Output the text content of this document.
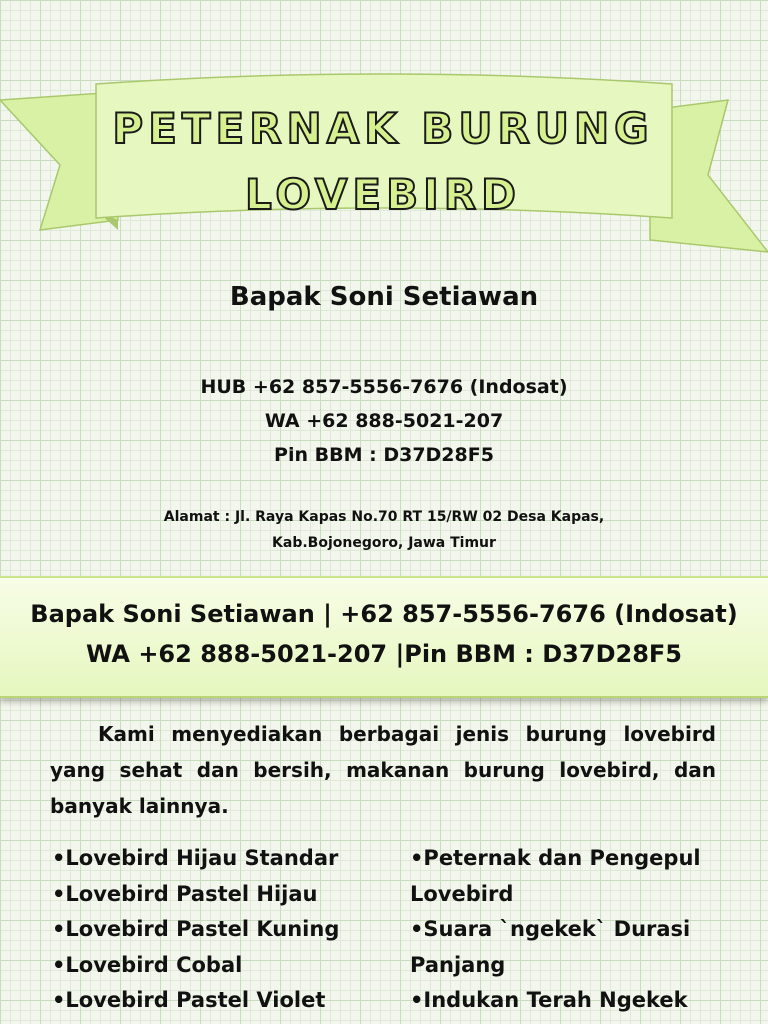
PETERNAK BURUNG
LOVEBIRD
Bapak Soni Setiawan
HUB +62 857-5556-7676 (Indosat)
WA +62 888-5021-207
Pin BBM : D37D28F5
Alamat : Jl. Raya Kapas No.70 RT 15/RW 02 Desa Kapas,
Kab.Bojonegoro, Jawa Timur
Bapak Soni Setiawan | +62 857-5556-7676 (Indosat)
WA +62 888-5021-207 |Pin BBM : D37D28F5
Kami menyediakan berbagai jenis burung lovebird yang sehat dan bersih, makanan burung lovebird, dan banyak lainnya.
•Lovebird Hijau Standar
•Lovebird Pastel Hijau
•Lovebird Pastel Kuning
•Lovebird Cobal
•Lovebird Pastel Violet
•Peternak dan Pengepul Lovebird
•Suara `ngekek` Durasi Panjang
•Indukan Terah Ngekek
